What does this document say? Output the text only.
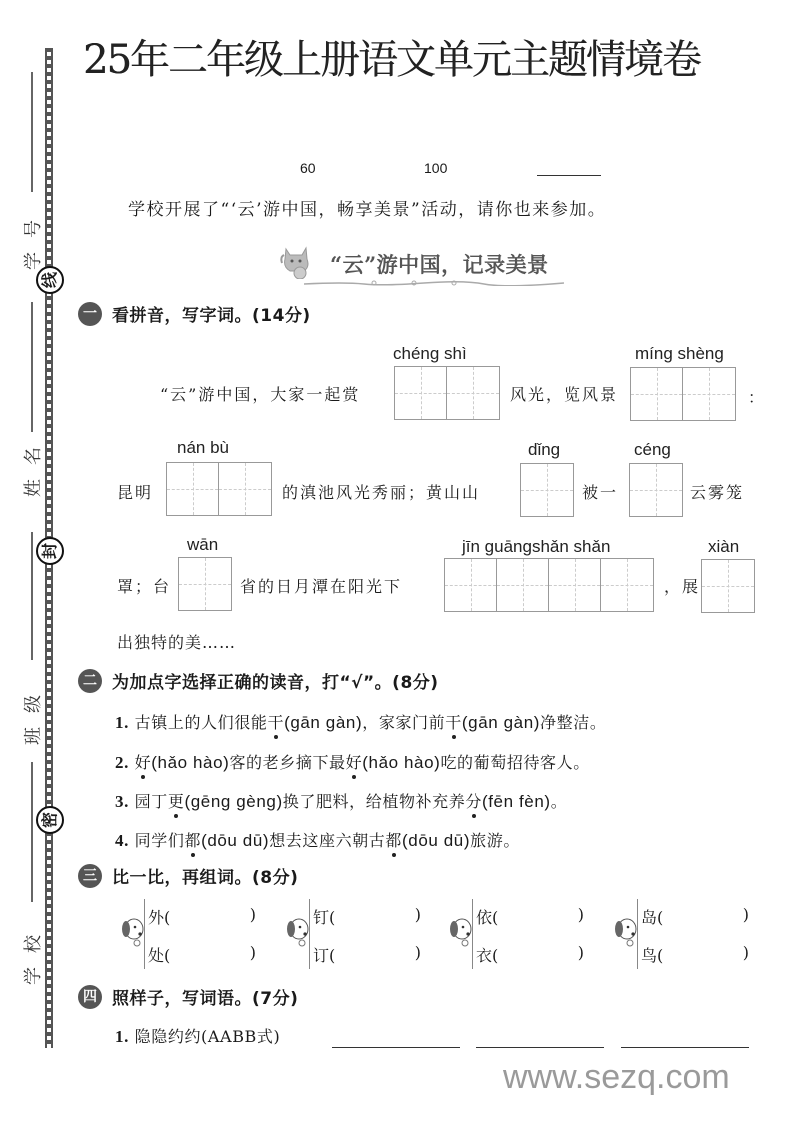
25年二年级上册语文单元主题情境卷
线
封
密
学号
姓名
班级
学校
60	100
学校开展了“‘云’游中国，畅享美景”活动，请你也来参加。
“云”游中国，记录美景
一 看拼音，写字词。(14分)
“云”游中国，大家一起赏
chéng shì
风光，览风景
míng shèng
：
昆明
nán bù
的滇池风光秀丽；黄山山
dǐng
被一
céng
云雾笼
罩；台
wān
省的日月潭在阳光下
jīn guāngshǎn shǎn
，展
xiàn
出独特的美……
二 为加点字选择正确的读音，打“√”。(8分)
1. 古镇上的人们很能干(gān gàn)，家家门前干(gān gàn)净整洁。
2. 好(hǎo hào)客的老乡摘下最好(hǎo hào)吃的葡萄招待客人。
3. 园丁更(gēng gèng)换了肥料，给植物补充养分(fēn fèn)。
4. 同学们都(dōu dū)想去这座六朝古都(dōu dū)旅游。
三 比一比，再组词。(8分)
外(	)
处(	)
钉(	)
订(	)
依(	)
衣(	)
岛(	)
鸟(	)
四 照样子，写词语。(7分)
1. 隐隐约约(AABB式)
www.sezq.com
